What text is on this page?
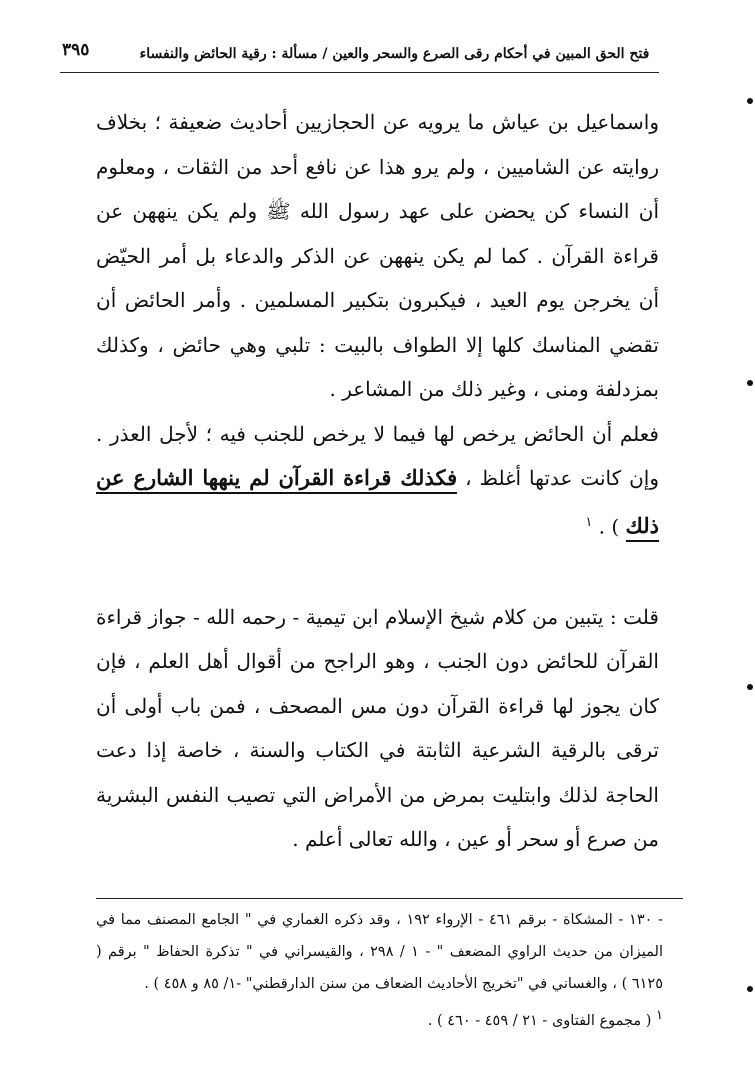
٣٩٥	فتح الحق المبين في أحكام رقى الصرع والسحر والعين / مسألة : رقية الحائض والنفساء

واسماعيل بن عياش ما يرويه عن الحجازيين أحاديث ضعيفة ؛ بخلاف روايته عن الشاميين ، ولم يرو هذا عن نافع أحد من الثقات ، ومعلوم أن النساء كن يحضن على عهد رسول الله ﷺ ولم يكن ينههن عن قراءة القرآن . كما لم يكن ينههن عن الذكر والدعاء بل أمر الحيّض أن يخرجن يوم العيد ، فيكبرون بتكبير المسلمين . وأمر الحائض أن تقضي المناسك كلها إلا الطواف بالبيت : تلبي وهي حائض ، وكذلك بمزدلفة ومنى ، وغير ذلك من المشاعر .

فعلم أن الحائض يرخص لها فيما لا يرخص للجنب فيه ؛ لأجل العذر . وإن كانت عدتها أغلظ ، فكذلك قراءة القرآن لم ينهها الشارع عن ذلك ) . $^١$

قلت : يتبين من كلام شيخ الإسلام ابن تيمية - رحمه الله - جواز قراءة القرآن للحائض دون الجنب ، وهو الراجح من أقوال أهل العلم ، فإن كان يجوز لها قراءة القرآن دون مس المصحف ، فمن باب أولى أن ترقى بالرقية الشرعية الثابتة في الكتاب والسنة ، خاصة إذا دعت الحاجة لذلك وابتليت بمرض من الأمراض التي تصيب النفس البشرية من صرع أو سحر أو عين ، والله تعالى أعلم .

- ١٣٠ - المشكاة - برقم ٤٦١ - الإرواء ١٩٢ ، وقد ذكره الغماري في " الجامع المصنف مما في الميزان من حديث الراوي المضعف " - ١ / ٢٩٨ ، والقيسراني في " تذكرة الحفاظ " برقم ( ٦١٢٥ ) ، والغساني في "تخريج الأحاديث الضعاف من سنن الدارقطني" -١/ ٨٥ و ٤٥٨ ) .

$^١$ ( مجموع الفتاوى - ٢١ / ٤٥٩ - ٤٦٠ ) .
